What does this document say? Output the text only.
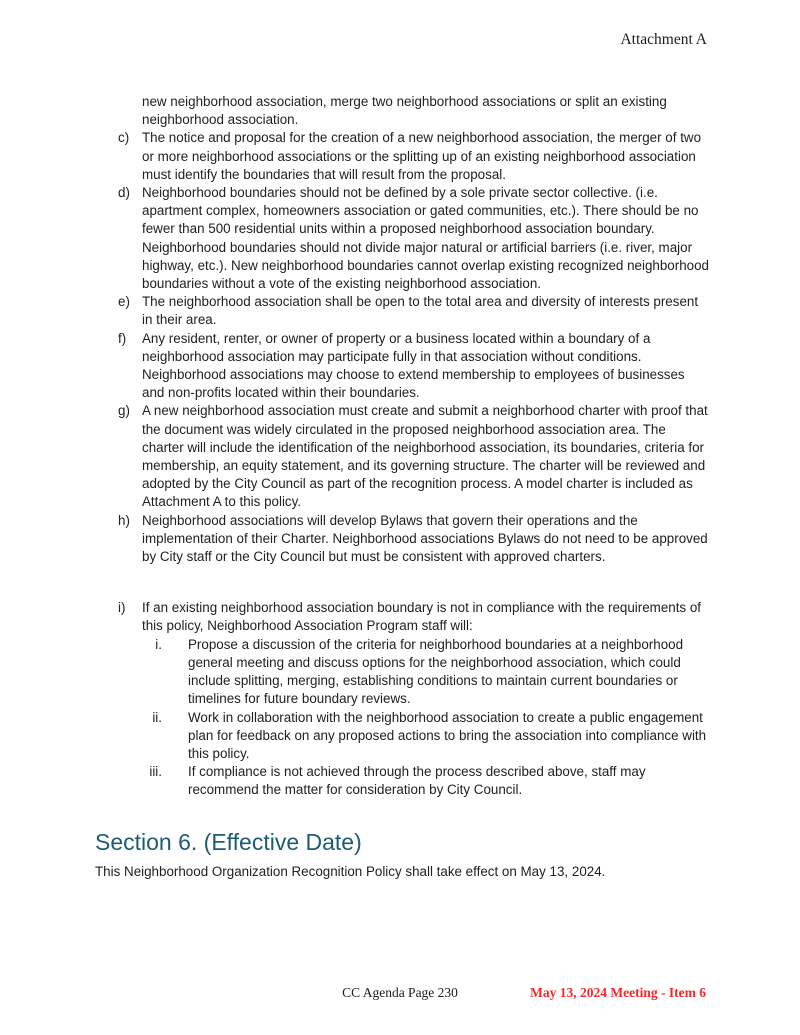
Attachment A

new neighborhood association, merge two neighborhood associations or split an existing neighborhood association.

c) The notice and proposal for the creation of a new neighborhood association, the merger of two or more neighborhood associations or the splitting up of an existing neighborhood association must identify the boundaries that will result from the proposal.
d) Neighborhood boundaries should not be defined by a sole private sector collective. (i.e. apartment complex, homeowners association or gated communities, etc.). There should be no fewer than 500 residential units within a proposed neighborhood association boundary. Neighborhood boundaries should not divide major natural or artificial barriers (i.e. river, major highway, etc.). New neighborhood boundaries cannot overlap existing recognized neighborhood boundaries without a vote of the existing neighborhood association.
e) The neighborhood association shall be open to the total area and diversity of interests present in their area.
f)	Any resident, renter, or owner of property or a business located within a boundary of a neighborhood association may participate fully in that association without conditions. Neighborhood associations may choose to extend membership to employees of businesses and non-profits located within their boundaries.
g) A new neighborhood association must create and submit a neighborhood charter with proof that the document was widely circulated in the proposed neighborhood association area. The charter will include the identification of the neighborhood association, its boundaries, criteria for membership, an equity statement, and its governing structure. The charter will be reviewed and adopted by the City Council as part of the recognition process. A model charter is included as Attachment A to this policy.
h) Neighborhood associations will develop Bylaws that govern their operations and the implementation of their Charter. Neighborhood associations Bylaws do not need to be approved by City staff or the City Council but must be consistent with approved charters.
i)	If an existing neighborhood association boundary is not in compliance with the requirements of this policy, Neighborhood Association Program staff will:
i. Propose a discussion of the criteria for neighborhood boundaries at a neighborhood general meeting and discuss options for the neighborhood association, which could include splitting, merging, establishing conditions to maintain current boundaries or timelines for future boundary reviews.
ii. Work in collaboration with the neighborhood association to create a public engagement plan for feedback on any proposed actions to bring the association into compliance with this policy.
iii. If compliance is not achieved through the process described above, staff may recommend the matter for consideration by City Council.
Section 6. (Effective Date)

This Neighborhood Organization Recognition Policy shall take effect on May 13, 2024.

CC Agenda Page 230	May 13, 2024 Meeting - Item 6
